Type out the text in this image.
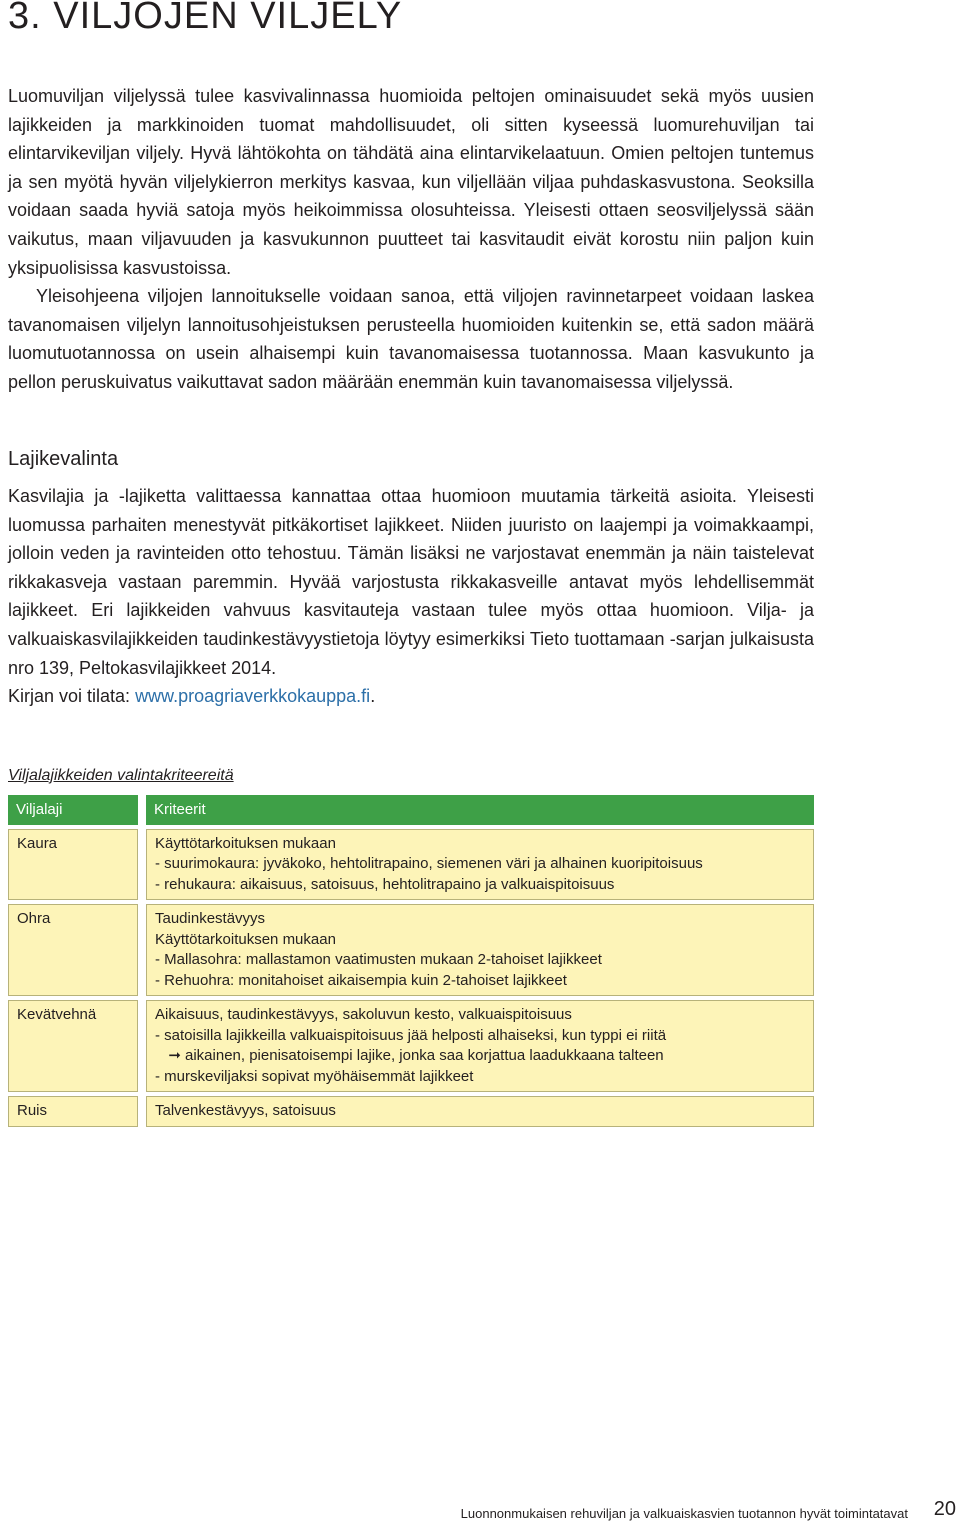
3. VILJOJEN VILJELY

Luomuviljan viljelyssä tulee kasvivalinnassa huomioida peltojen ominaisuudet sekä myös uusien lajikkeiden ja markkinoiden tuomat mahdollisuudet, oli sitten kyseessä luomurehuviljan tai elintarvikeviljan viljely. Hyvä lähtökohta on tähdätä aina elintarvikelaatuun. Omien peltojen tuntemus ja sen myötä hyvän viljelykierron merkitys kasvaa, kun viljellään viljaa puhdaskasvustona. Seoksilla voidaan saada hyviä satoja myös heikoimmissa olosuhteissa. Yleisesti ottaen seosviljelyssä sään vaikutus, maan viljavuuden ja kasvukunnon puutteet tai kasvitaudit eivät korostu niin paljon kuin yksipuolisissa kasvustoissa.

Yleisohjeena viljojen lannoitukselle voidaan sanoa, että viljojen ravinnetarpeet voidaan laskea tavanomaisen viljelyn lannoitusohjeistuksen perusteella huomioiden kuitenkin se, että sadon määrä luomutuotannossa on usein alhaisempi kuin tavanomaisessa tuotannossa. Maan kasvukunto ja pellon peruskuivatus vaikuttavat sadon määrään enemmän kuin tavanomaisessa viljelyssä.

Lajikevalinta

Kasvilajia ja -lajiketta valittaessa kannattaa ottaa huomioon muutamia tärkeitä asioita. Yleisesti luomussa parhaiten menestyvät pitkäkortiset lajikkeet. Niiden juuristo on laajempi ja voimakkaampi, jolloin veden ja ravinteiden otto tehostuu. Tämän lisäksi ne varjostavat enemmän ja näin taistelevat rikkakasveja vastaan paremmin. Hyvää varjostusta rikkakasveille antavat myös lehdellisemmät lajikkeet. Eri lajikkeiden vahvuus kasvitauteja vastaan tulee myös ottaa huomioon. Vilja- ja valkuaiskasvilajikkeiden taudinkestävyystietoja löytyy esimerkiksi Tieto tuottamaan -sarjan julkaisusta nro 139, Peltokasvilajikkeet 2014.
Kirjan voi tilata: www.proagriaverkkokauppa.fi.

Viljalajikkeiden valintakriteereitä
Viljalaji		Kriteerit
Kaura		Käyttötarkoituksen mukaan
- suurimokaura: jyväkoko, hehtolitrapaino, siemenen väri ja alhainen kuoripitoisuus
- rehukaura: aikaisuus, satoisuus, hehtolitrapaino ja valkuaispitoisuus

Ohra		Taudinkestävyys
Käyttötarkoituksen mukaan
- Mallasohra: mallastamon vaatimusten mukaan 2-tahoiset lajikkeet
- Rehuohra: monitahoiset aikaisempia kuin 2-tahoiset lajikkeet

Kevätvehnä		Aikaisuus, taudinkestävyys, sakoluvun kesto, valkuaispitoisuus
- satoisilla lajikkeilla valkuaispitoisuus jää helposti alhaiseksi, kun typpi ei riitä
➞ aikainen, pienisatoisempi lajike, jonka saa korjattua laadukkaana talteen
- murskeviljaksi sopivat myöhäisemmät lajikkeet

Ruis		Talvenkestävyys, satoisuus
Luonnonmukaisen rehuviljan ja valkuaiskasvien tuotannon hyvät toimintatavat 20
